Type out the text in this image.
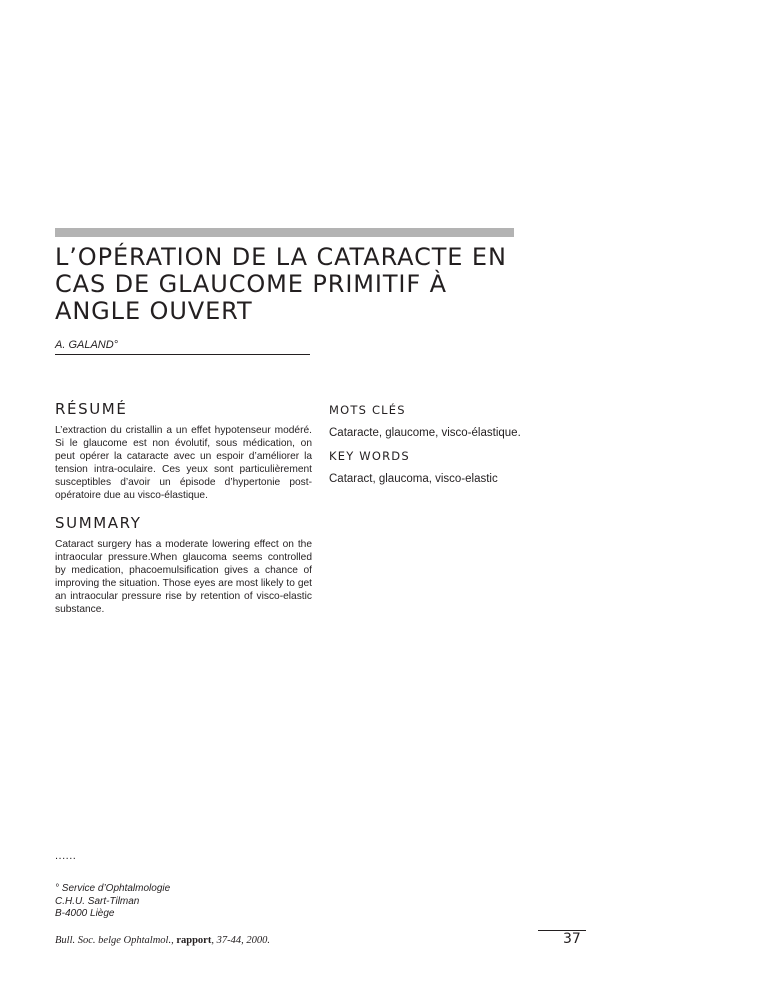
L’OPÉRATION DE LA CATARACTE EN
CAS DE GLAUCOME PRIMITIF À
ANGLE OUVERT
A. GALAND°
RÉSUMÉ

L’extraction du cristallin a un effet hypotenseur modéré. Si le glaucome est non évolutif, sous médication, on peut opérer la cataracte avec un espoir d’améliorer la tension intra-oculaire. Ces yeux sont particulièrement susceptibles d’avoir un épisode d’hypertonie post-opératoire due au visco-élastique.

SUMMARY

Cataract surgery has a moderate lowering effect on the intraocular pressure.When glaucoma seems controlled by medication, phacoemulsification gives a chance of improving the situation. Those eyes are most likely to get an intraocular pressure rise by retention of visco-elastic substance.

MOTS CLÉS

Cataracte, glaucome, visco-élastique.

KEY WORDS

Cataract, glaucoma, visco-elastic

......
° Service d’Ophtalmologie
C.H.U. Sart-Tilman
B-4000 Liège
Bull. Soc. belge Ophtalmol., rapport, 37-44, 2000.	37
